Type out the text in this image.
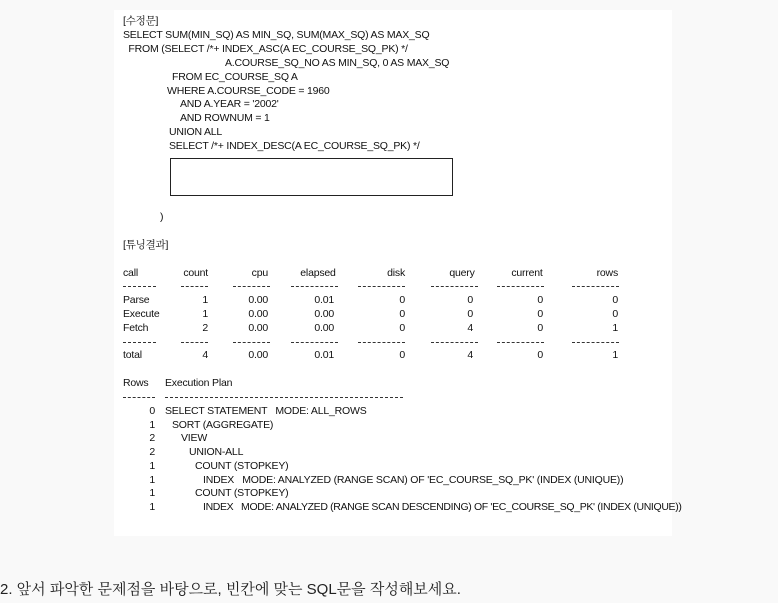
[수정문]
SELECT SUM(MIN_SQ) AS MIN_SQ, SUM(MAX_SQ) AS MAX_SQ
FROM (SELECT /*+ INDEX_ASC(A EC_COURSE_SQ_PK) */
A.COURSE_SQ_NO AS MIN_SQ, 0 AS MAX_SQ
FROM EC_COURSE_SQ A
WHERE A.COURSE_CODE = 1960
AND A.YEAR = '2002'
AND ROWNUM = 1
UNION ALL
SELECT /*+ INDEX_DESC(A EC_COURSE_SQ_PK) */
)
[튜닝결과]
call	count	cpu	elapsed	disk	query	current	rows
Parse	1	0.00	0.01	0	0	0	0
Execute	1	0.00	0.00	0	0	0	0
Fetch	2	0.00	0.00	0	4	0	1
total	4	0.00	0.01	0	4	0	1
Rows Execution Plan
0 SELECT STATEMENT   MODE: ALL_ROWS
1 SORT (AGGREGATE)
2 VIEW
2	UNION-ALL
1	COUNT (STOPKEY)
1	INDEX   MODE: ANALYZED (RANGE SCAN) OF 'EC_COURSE_SQ_PK' (INDEX (UNIQUE))
1	COUNT (STOPKEY)
1	INDEX   MODE: ANALYZED (RANGE SCAN DESCENDING) OF 'EC_COURSE_SQ_PK' (INDEX (UNIQUE))
2. 앞서 파악한 문제점을 바탕으로, 빈칸에 맞는 SQL문을 작성해보세요.
